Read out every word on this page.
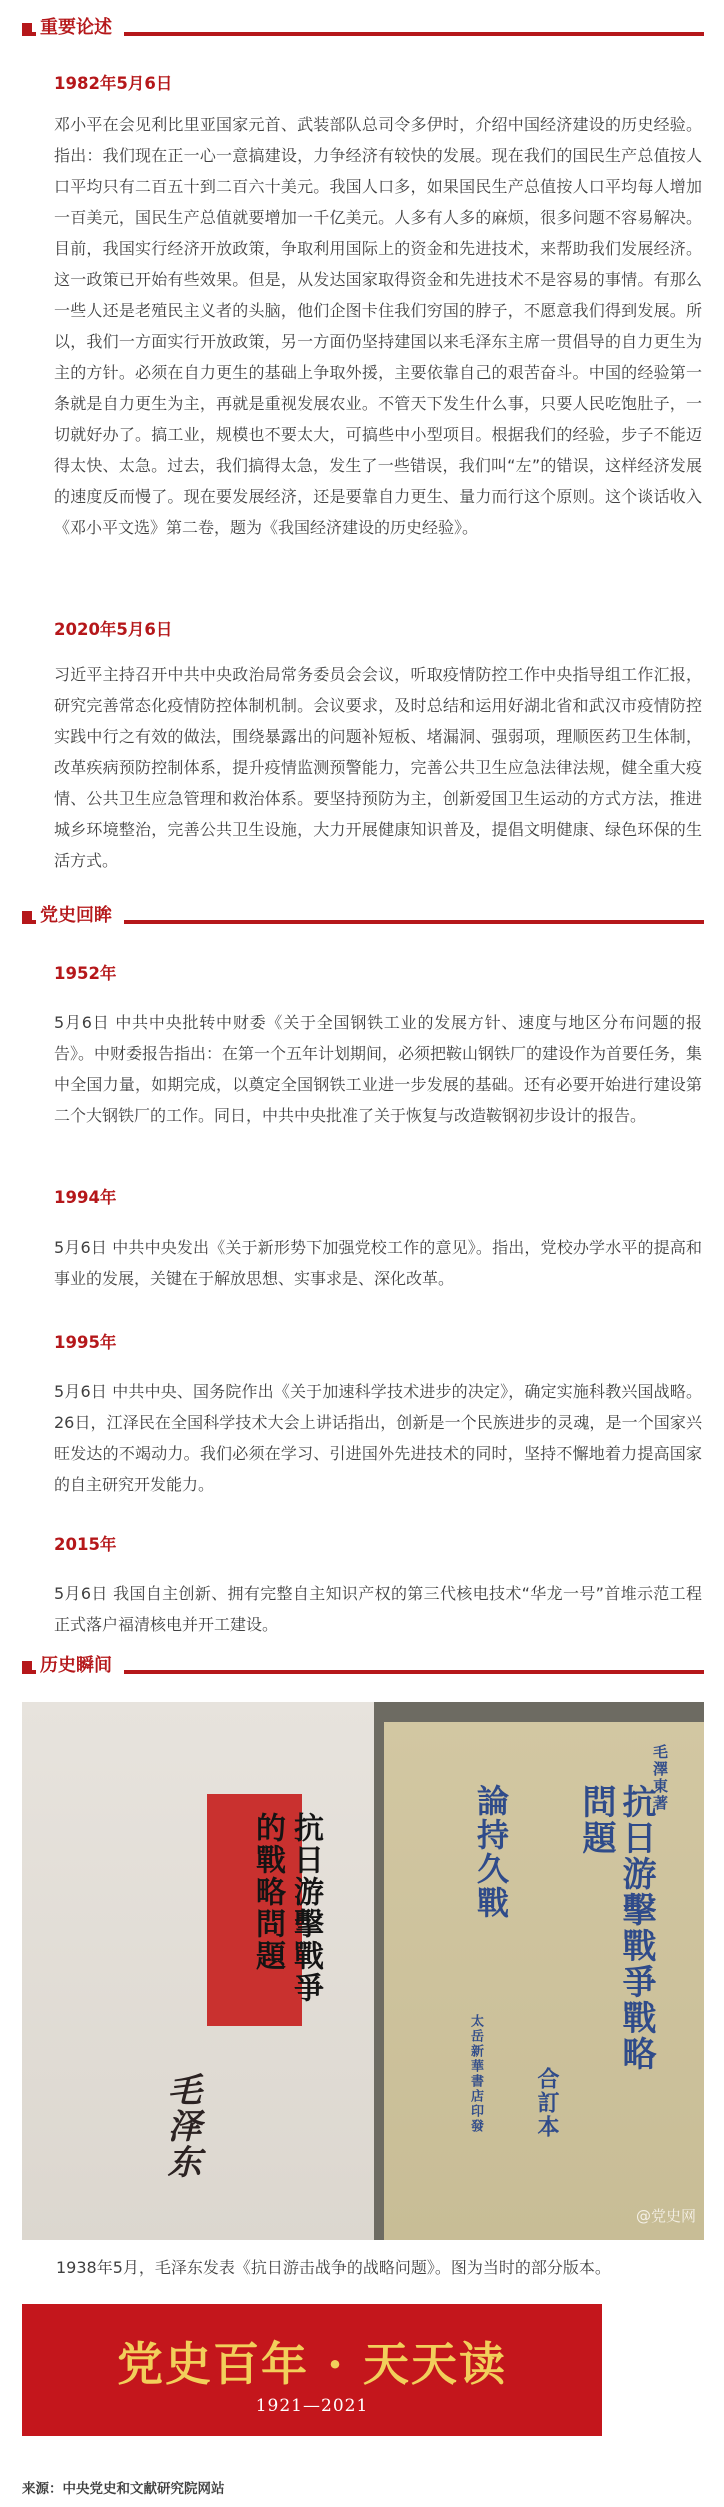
重要论述
1982年5月6日

邓小平在会见利比里亚国家元首、武装部队总司令多伊时，介绍中国经济建设的历史经验。指出：我们现在正一心一意搞建设，力争经济有较快的发展。现在我们的国民生产总值按人口平均只有二百五十到二百六十美元。我国人口多，如果国民生产总值按人口平均每人增加一百美元，国民生产总值就要增加一千亿美元。人多有人多的麻烦，很多问题不容易解决。目前，我国实行经济开放政策，争取利用国际上的资金和先进技术，来帮助我们发展经济。这一政策已开始有些效果。但是，从发达国家取得资金和先进技术不是容易的事情。有那么一些人还是老殖民主义者的头脑，他们企图卡住我们穷国的脖子，不愿意我们得到发展。所以，我们一方面实行开放政策，另一方面仍坚持建国以来毛泽东主席一贯倡导的自力更生为主的方针。必须在自力更生的基础上争取外援，主要依靠自己的艰苦奋斗。中国的经验第一条就是自力更生为主，再就是重视发展农业。不管天下发生什么事，只要人民吃饱肚子，一切就好办了。搞工业，规模也不要太大，可搞些中小型项目。根据我们的经验，步子不能迈得太快、太急。过去，我们搞得太急，发生了一些错误，我们叫“左”的错误，这样经济发展的速度反而慢了。现在要发展经济，还是要靠自力更生、量力而行这个原则。这个谈话收入《邓小平文选》第二卷，题为《我国经济建设的历史经验》。

2020年5月6日

习近平主持召开中共中央政治局常务委员会会议，听取疫情防控工作中央指导组工作汇报，研究完善常态化疫情防控体制机制。会议要求，及时总结和运用好湖北省和武汉市疫情防控实践中行之有效的做法，围绕暴露出的问题补短板、堵漏洞、强弱项，理顺医药卫生体制，改革疾病预防控制体系，提升疫情监测预警能力，完善公共卫生应急法律法规，健全重大疫情、公共卫生应急管理和救治体系。要坚持预防为主，创新爱国卫生运动的方式方法，推进城乡环境整治，完善公共卫生设施，大力开展健康知识普及，提倡文明健康、绿色环保的生活方式。

党史回眸
1952年

5月6日 中共中央批转中财委《关于全国钢铁工业的发展方针、速度与地区分布问题的报告》。中财委报告指出：在第一个五年计划期间，必须把鞍山钢铁厂的建设作为首要任务，集中全国力量，如期完成，以奠定全国钢铁工业进一步发展的基础。还有必要开始进行建设第二个大钢铁厂的工作。同日，中共中央批准了关于恢复与改造鞍钢初步设计的报告。

1994年

5月6日 中共中央发出《关于新形势下加强党校工作的意见》。指出，党校办学水平的提高和事业的发展，关键在于解放思想、实事求是、深化改革。

1995年

5月6日 中共中央、国务院作出《关于加速科学技术进步的决定》，确定实施科教兴国战略。26日，江泽民在全国科学技术大会上讲话指出，创新是一个民族进步的灵魂，是一个国家兴旺发达的不竭动力。我们必须在学习、引进国外先进技术的同时，坚持不懈地着力提高国家的自主研究开发能力。

2015年

5月6日 我国自主创新、拥有完整自主知识产权的第三代核电技术“华龙一号”首堆示范工程正式落户福清核电并开工建设。

历史瞬间
抗日游擊戰爭的戰略問題
毛泽东
抗日游擊戰爭戰略問題
論持久戰
毛澤東著
合訂本
太岳新華書店印發
@党史网
1938年5月，毛泽东发表《抗日游击战争的战略问题》。图为当时的部分版本。
党史百年 · 天天读
1921—2021
来源：中央党史和文献研究院网站
